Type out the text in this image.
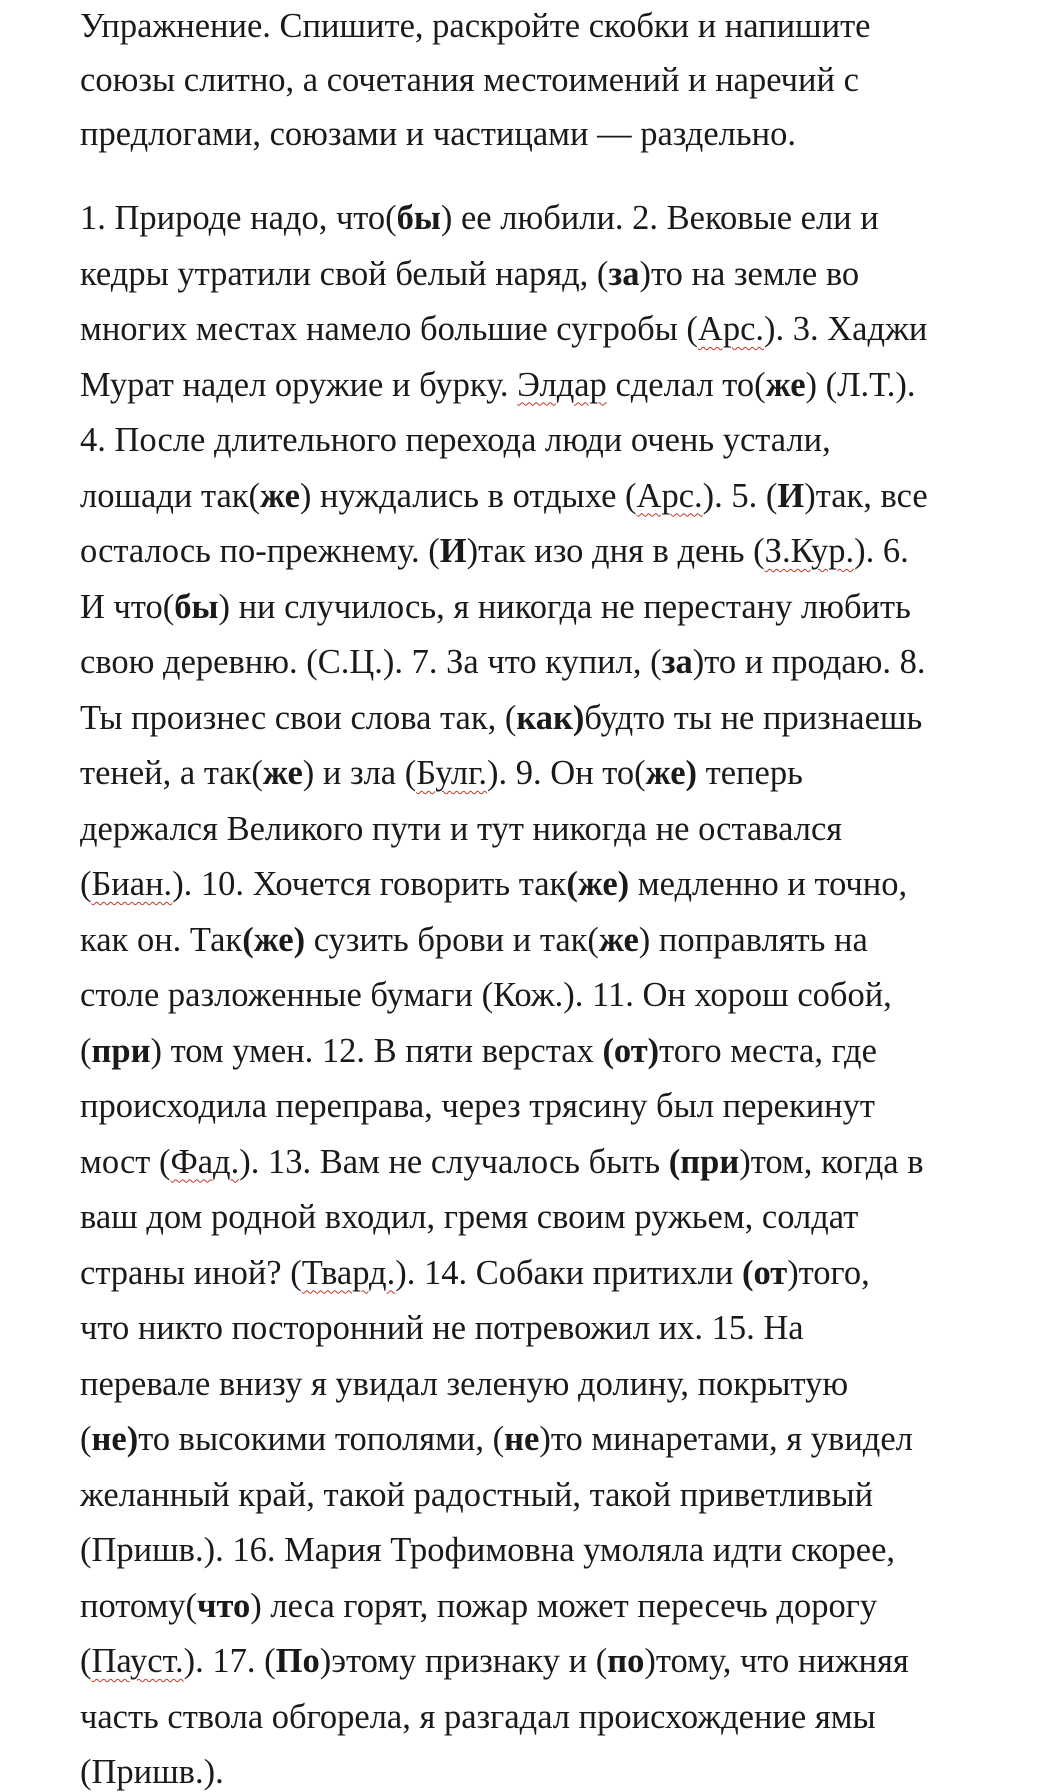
Упражнение. Спишите, раскройте скобки и напишите
союзы слитно, а сочетания местоимений и наречий с
предлогами, союзами и частицами — раздельно.
1. Природе надо, что(бы) ее любили. 2. Вековые ели и
кедры утратили свой белый наряд, (за)то на земле во
многих местах намело большие сугробы (Арс.). 3. Хаджи
Мурат надел оружие и бурку. Элдар сделал то(же) (Л.Т.).
4. После длительного перехода люди очень устали,
лошади так(же) нуждались в отдыхе (Арс.). 5. (И)так, все
осталось по-прежнему. (И)так изо дня в день (З.Кур.). 6.
И что(бы) ни случилось, я никогда не перестану любить
свою деревню. (С.Ц.). 7. За что купил, (за)то и продаю. 8.
Ты произнес свои слова так, (как)будто ты не признаешь
теней, а так(же) и зла (Булг.). 9. Он то(же) теперь
держался Великого пути и тут никогда не оставался
(Биан.). 10. Хочется говорить так(же) медленно и точно,
как он. Так(же) сузить брови и так(же) поправлять на
столе разложенные бумаги (Кож.). 11. Он хорош собой,
(при) том умен. 12. В пяти верстах (от)того места, где
происходила переправа, через трясину был перекинут
мост (Фад.). 13. Вам не случалось быть (при)том, когда в
ваш дом родной входил, гремя своим ружьем, солдат
страны иной? (Твард.). 14. Собаки притихли (от)того,
что никто посторонний не потревожил их. 15. На
перевале внизу я увидал зеленую долину, покрытую
(не)то высокими тополями, (не)то минаретами, я увидел
желанный край, такой радостный, такой приветливый
(Пришв.). 16. Мария Трофимовна умоляла идти скорее,
потому(что) леса горят, пожар может пересечь дорогу
(Пауст.). 17. (По)этому признаку и (по)тому, что нижняя
часть ствола обгорела, я разгадал происхождение ямы
(Пришв.).
